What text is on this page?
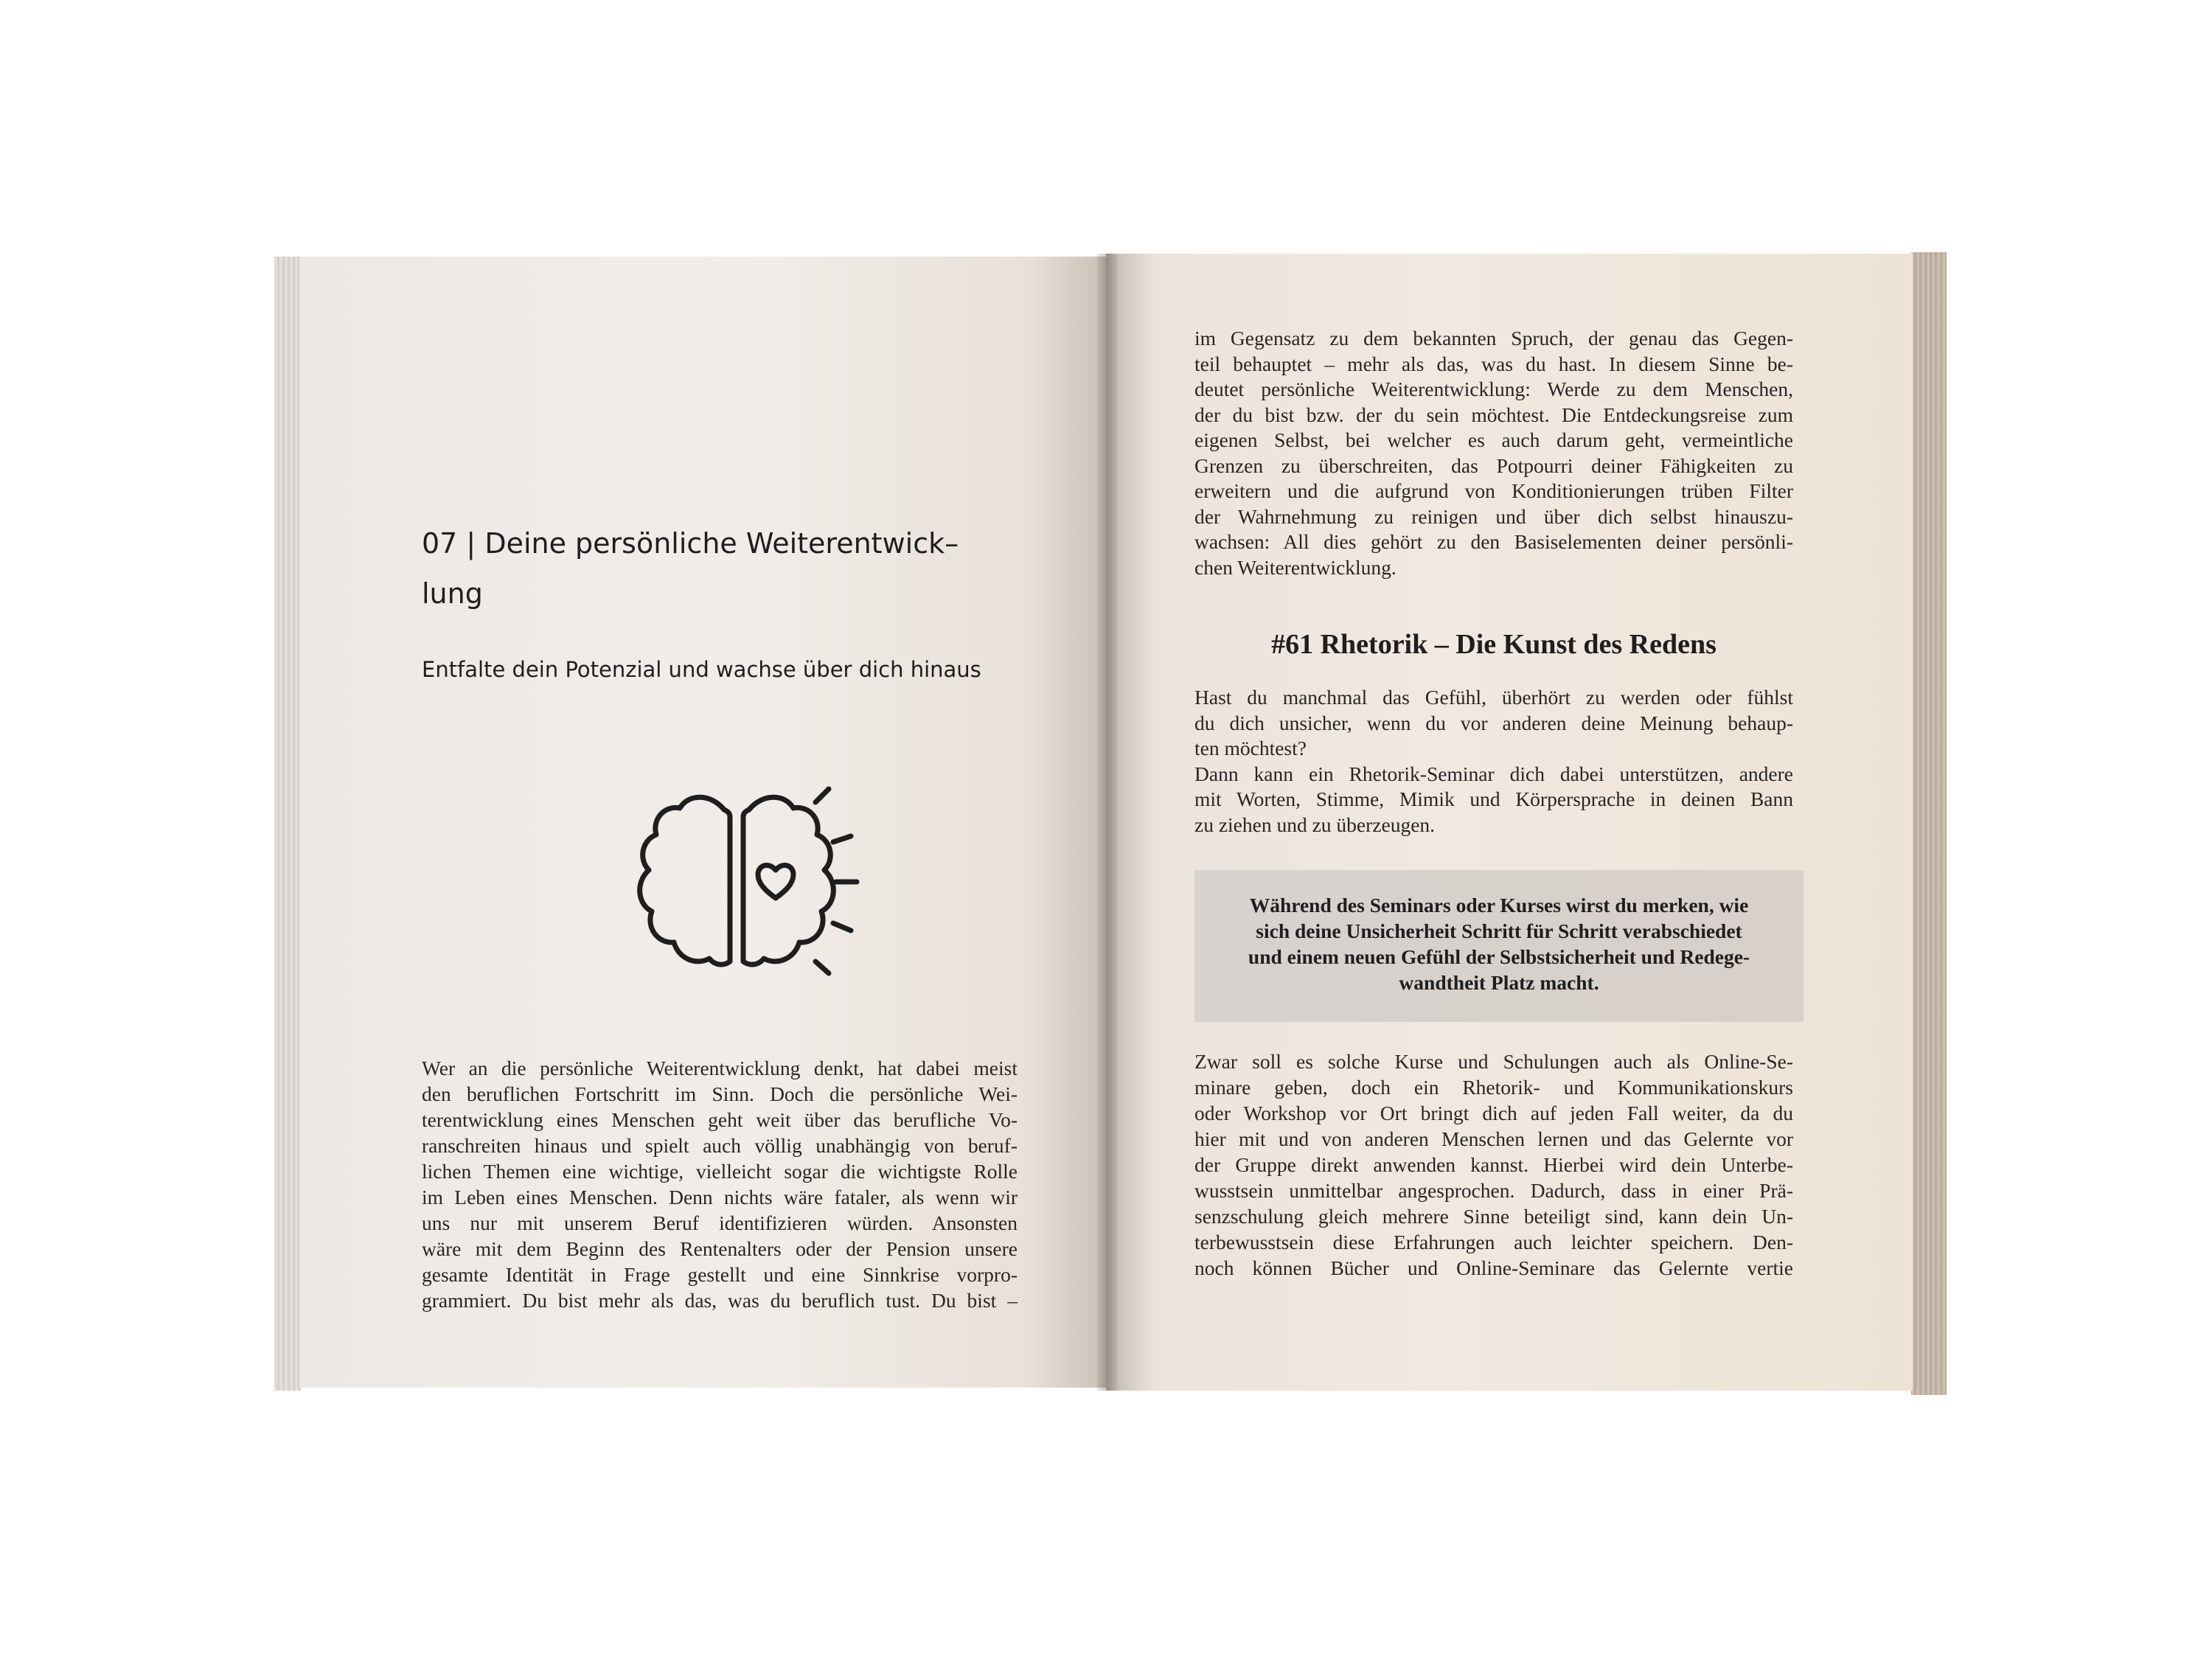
07 | Deine persönliche Weiterentwick–
lung

Entfalte dein Potenzial und wachse über dich hinaus

Wer an die persönliche Weiterentwicklung denkt, hat dabei meist
den beruflichen Fortschritt im Sinn. Doch die persönliche Wei-
terentwicklung eines Menschen geht weit über das berufliche Vo-
ranschreiten hinaus und spielt auch völlig unabhängig von beruf-
lichen Themen eine wichtige, vielleicht sogar die wichtigste Rolle
im Leben eines Menschen. Denn nichts wäre fataler, als wenn wir
uns nur mit unserem Beruf identifizieren würden. Ansonsten
wäre mit dem Beginn des Rentenalters oder der Pension unsere
gesamte Identität in Frage gestellt und eine Sinnkrise vorpro-
grammiert. Du bist mehr als das, was du beruflich tust. Du bist –
im Gegensatz zu dem bekannten Spruch, der genau das Gegen-
teil behauptet – mehr als das, was du hast. In diesem Sinne be-
deutet persönliche Weiterentwicklung: Werde zu dem Menschen,
der du bist bzw. der du sein möchtest. Die Entdeckungsreise zum
eigenen Selbst, bei welcher es auch darum geht, vermeintliche
Grenzen zu überschreiten, das Potpourri deiner Fähigkeiten zu
erweitern und die aufgrund von Konditionierungen trüben Filter
der Wahrnehmung zu reinigen und über dich selbst hinauszu-
wachsen: All dies gehört zu den Basiselementen deiner persönli-
chen Weiterentwicklung.
#61 Rhetorik – Die Kunst des Redens
Hast du manchmal das Gefühl, überhört zu werden oder fühlst
du dich unsicher, wenn du vor anderen deine Meinung behaup-
ten möchtest?
Dann kann ein Rhetorik-Seminar dich dabei unterstützen, andere
mit Worten, Stimme, Mimik und Körpersprache in deinen Bann
zu ziehen und zu überzeugen.

Während des Seminars oder Kurses wirst du merken, wie
sich deine Unsicherheit Schritt für Schritt verabschiedet
und einem neuen Gefühl der Selbstsicherheit und Redege-
wandtheit Platz macht.

Zwar soll es solche Kurse und Schulungen auch als Online-Se-
minare geben, doch ein Rhetorik- und Kommunikationskurs
oder Workshop vor Ort bringt dich auf jeden Fall weiter, da du
hier mit und von anderen Menschen lernen und das Gelernte vor
der Gruppe direkt anwenden kannst. Hierbei wird dein Unterbe-
wusstsein unmittelbar angesprochen. Dadurch, dass in einer Prä-
senzschulung gleich mehrere Sinne beteiligt sind, kann dein Un-
terbewusstsein diese Erfahrungen auch leichter speichern. Den-
noch können Bücher und Online-Seminare das Gelernte vertie
